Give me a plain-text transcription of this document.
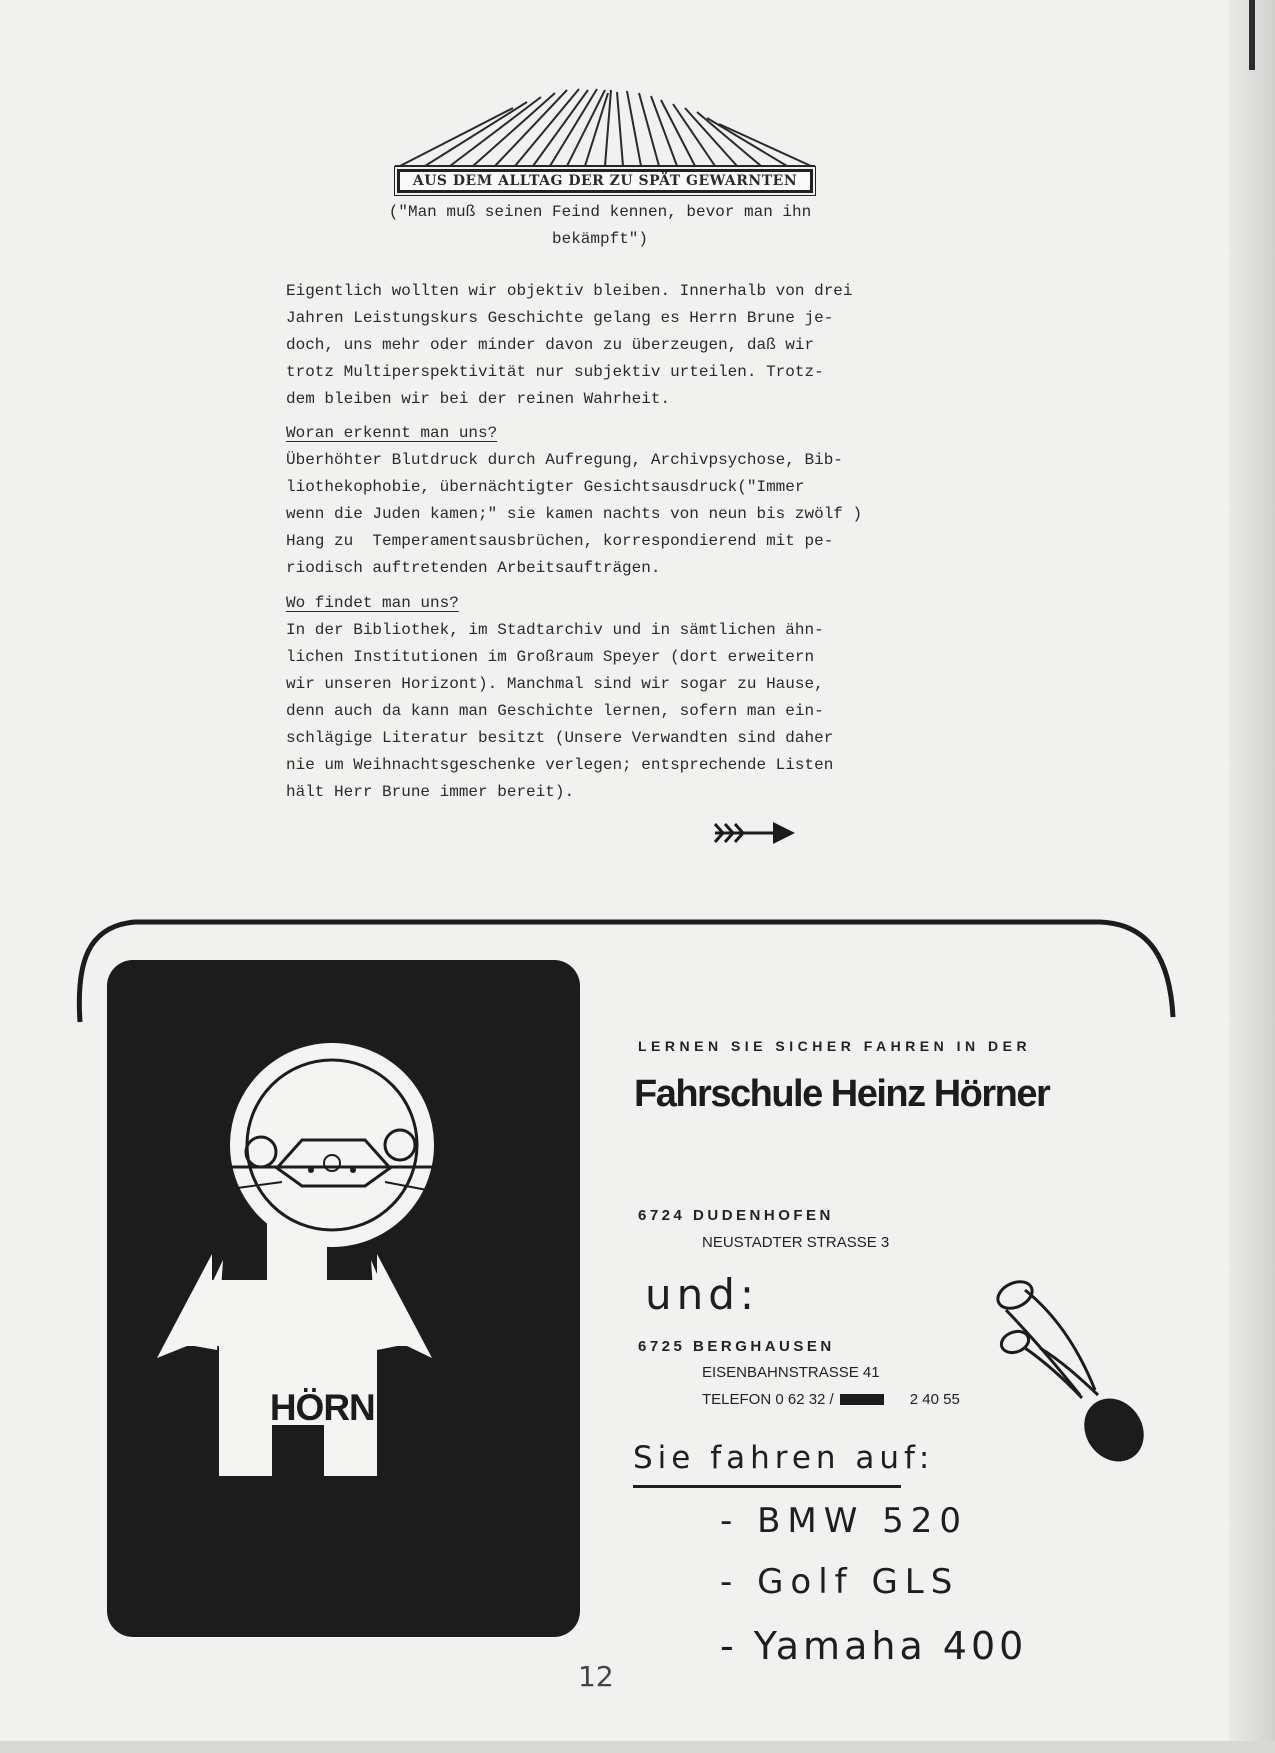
AUS DEM ALLTAG DER ZU SPÄT GEWARNTEN
("Man muß seinen Feind kennen, bevor man ihn
bekämpft")
Eigentlich wollten wir objektiv bleiben. Innerhalb von drei
Jahren Leistungskurs Geschichte gelang es Herrn Brune je-
doch, uns mehr oder minder davon zu überzeugen, daß wir
trotz Multiperspektivität nur subjektiv urteilen. Trotz-
dem bleiben wir bei der reinen Wahrheit.
Woran erkennt man uns?
Überhöhter Blutdruck durch Aufregung, Archivpsychose, Bib-
liothekophobie, übernächtigter Gesichtsausdruck("Immer
wenn die Juden kamen;" sie kamen nachts von neun bis zwölf )
Hang zu  Temperamentsausbrüchen, korrespondierend mit pe-
riodisch auftretenden Arbeitsaufträgen.
Wo findet man uns?
In der Bibliothek, im Stadtarchiv und in sämtlichen ähn-
lichen Institutionen im Großraum Speyer (dort erweitern
wir unseren Horizont). Manchmal sind wir sogar zu Hause,
denn auch da kann man Geschichte lernen, sofern man ein-
schlägige Literatur besitzt (Unsere Verwandten sind daher
nie um Weihnachtsgeschenke verlegen; entsprechende Listen
hält Herr Brune immer bereit).
HÖRNER
LERNEN SIE SICHER FAHREN IN DER
Fahrschule Heinz Hörner
6724 DUDENHOFEN
NEUSTADTER STRASSE 3
und:
6725 BERGHAUSEN
EISENBAHNSTRASSE 41
TELEFON 0 62 32 /	2 40 55
Sie fahren auf:
- BMW 520
- Golf GLS
- Yamaha 400
12
